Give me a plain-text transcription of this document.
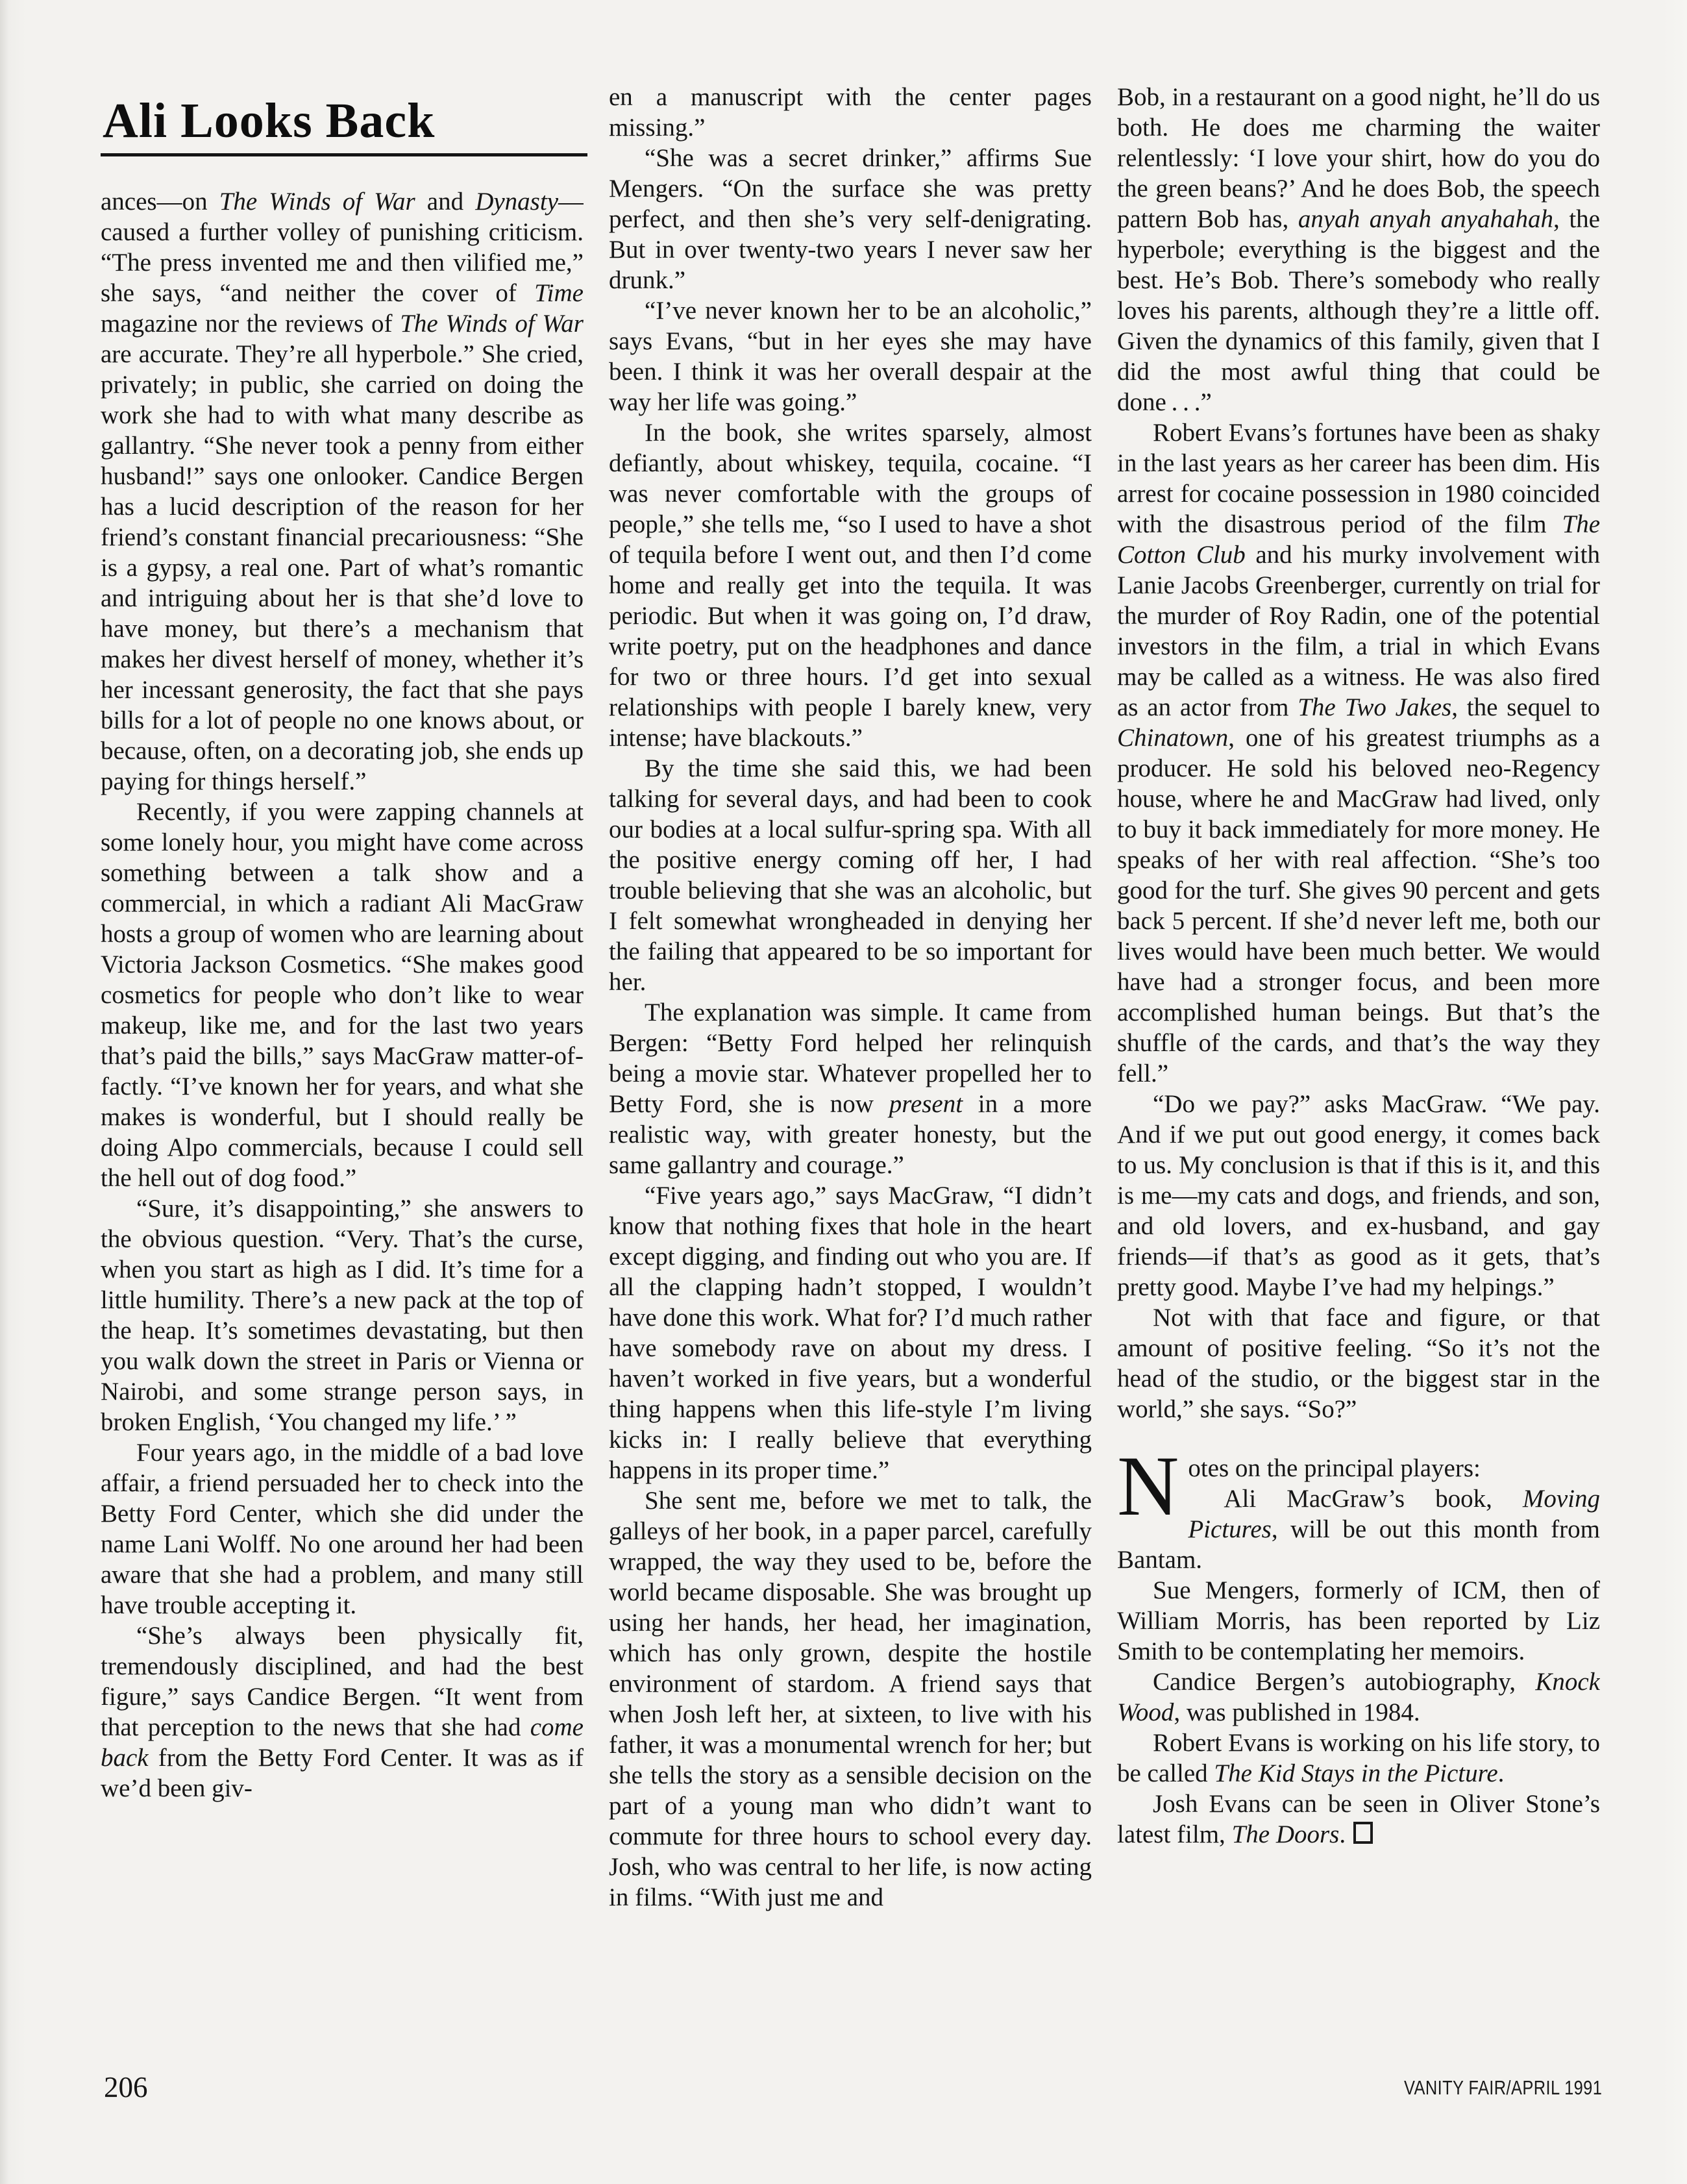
Ali Looks Back

ances—on The Winds of War and Dynasty—caused a further volley of punishing criticism. “The press invented me and then vilified me,” she says, “and neither the cover of Time magazine nor the reviews of The Winds of War are accurate. They’re all hyperbole.” She cried, privately; in public, she carried on doing the work she had to with what many describe as gallantry. “She never took a penny from either husband!” says one onlooker. Candice Bergen has a lucid description of the reason for her friend’s constant financial precariousness: “She is a gypsy, a real one. Part of what’s romantic and intriguing about her is that she’d love to have money, but there’s a mechanism that makes her divest herself of money, whether it’s her incessant generosity, the fact that she pays bills for a lot of people no one knows about, or because, often, on a decorating job, she ends up paying for things herself.”

Recently, if you were zapping channels at some lonely hour, you might have come across something between a talk show and a commercial, in which a radiant Ali MacGraw hosts a group of women who are learning about Victoria Jackson Cosmetics. “She makes good cosmetics for people who don’t like to wear makeup, like me, and for the last two years that’s paid the bills,” says MacGraw matter-of-factly. “I’ve known her for years, and what she makes is wonderful, but I should really be doing Alpo commercials, because I could sell the hell out of dog food.”

“Sure, it’s disappointing,” she answers to the obvious question. “Very. That’s the curse, when you start as high as I did. It’s time for a little humility. There’s a new pack at the top of the heap. It’s sometimes devastating, but then you walk down the street in Paris or Vienna or Nairobi, and some strange person says, in broken English, ‘You changed my life.’ ”

Four years ago, in the middle of a bad love affair, a friend persuaded her to check into the Betty Ford Center, which she did under the name Lani Wolff. No one around her had been aware that she had a problem, and many still have trouble accepting it.

“She’s always been physically fit, tremendously disciplined, and had the best figure,” says Candice Bergen. “It went from that perception to the news that she had come back from the Betty Ford Center. It was as if we’d been giv-

en a manuscript with the center pages missing.”

“She was a secret drinker,” affirms Sue Mengers. “On the surface she was pretty perfect, and then she’s very self-denigrating. But in over twenty-two years I never saw her drunk.”

“I’ve never known her to be an alcoholic,” says Evans, “but in her eyes she may have been. I think it was her overall despair at the way her life was going.”

In the book, she writes sparsely, almost defiantly, about whiskey, tequila, cocaine. “I was never comfortable with the groups of people,” she tells me, “so I used to have a shot of tequila before I went out, and then I’d come home and really get into the tequila. It was periodic. But when it was going on, I’d draw, write poetry, put on the headphones and dance for two or three hours. I’d get into sexual relationships with people I barely knew, very intense; have blackouts.”

By the time she said this, we had been talking for several days, and had been to cook our bodies at a local sulfur-spring spa. With all the positive energy coming off her, I had trouble believing that she was an alcoholic, but I felt somewhat wrongheaded in denying her the failing that appeared to be so important for her.

The explanation was simple. It came from Bergen: “Betty Ford helped her relinquish being a movie star. Whatever propelled her to Betty Ford, she is now present in a more realistic way, with greater honesty, but the same gallantry and courage.”

“Five years ago,” says MacGraw, “I didn’t know that nothing fixes that hole in the heart except digging, and finding out who you are. If all the clapping hadn’t stopped, I wouldn’t have done this work. What for? I’d much rather have somebody rave on about my dress. I haven’t worked in five years, but a wonderful thing happens when this life-style I’m living kicks in: I really believe that everything happens in its proper time.”

She sent me, before we met to talk, the galleys of her book, in a paper parcel, carefully wrapped, the way they used to be, before the world became disposable. She was brought up using her hands, her head, her imagination, which has only grown, despite the hostile environment of stardom. A friend says that when Josh left her, at sixteen, to live with his father, it was a monumental wrench for her; but she tells the story as a sensible decision on the part of a young man who didn’t want to commute for three hours to school every day. Josh, who was central to her life, is now acting in films. “With just me and

Bob, in a restaurant on a good night, he’ll do us both. He does me charming the waiter relentlessly: ‘I love your shirt, how do you do the green beans?’ And he does Bob, the speech pattern Bob has, anyah anyah anyahahah, the hyperbole; everything is the biggest and the best. He’s Bob. There’s somebody who really loves his parents, although they’re a little off. Given the dynamics of this family, given that I did the most awful thing that could be done . . .”

Robert Evans’s fortunes have been as shaky in the last years as her career has been dim. His arrest for cocaine possession in 1980 coincided with the disastrous period of the film The Cotton Club and his murky involvement with Lanie Jacobs Greenberger, currently on trial for the murder of Roy Radin, one of the potential investors in the film, a trial in which Evans may be called as a witness. He was also fired as an actor from The Two Jakes, the sequel to Chinatown, one of his greatest triumphs as a producer. He sold his beloved neo-Regency house, where he and MacGraw had lived, only to buy it back immediately for more money. He speaks of her with real affection. “She’s too good for the turf. She gives 90 percent and gets back 5 percent. If she’d never left me, both our lives would have been much better. We would have had a stronger focus, and been more accomplished human beings. But that’s the shuffle of the cards, and that’s the way they fell.”

“Do we pay?” asks MacGraw. “We pay. And if we put out good energy, it comes back to us. My conclusion is that if this is it, and this is me—my cats and dogs, and friends, and son, and old lovers, and ex-husband, and gay friends—if that’s as good as it gets, that’s pretty good. Maybe I’ve had my helpings.”

Not with that face and figure, or that amount of positive feeling. “So it’s not the head of the studio, or the biggest star in the world,” she says. “So?”

Notes on the principal players:

Ali MacGraw’s book, Moving Pictures, will be out this month from Bantam.

Sue Mengers, formerly of ICM, then of William Morris, has been reported by Liz Smith to be contemplating her memoirs.

Candice Bergen’s autobiography, Knock Wood, was published in 1984.

Robert Evans is working on his life story, to be called The Kid Stays in the Picture.

Josh Evans can be seen in Oliver Stone’s latest film, The Doors.

206	VANITY FAIR/APRIL 1991
